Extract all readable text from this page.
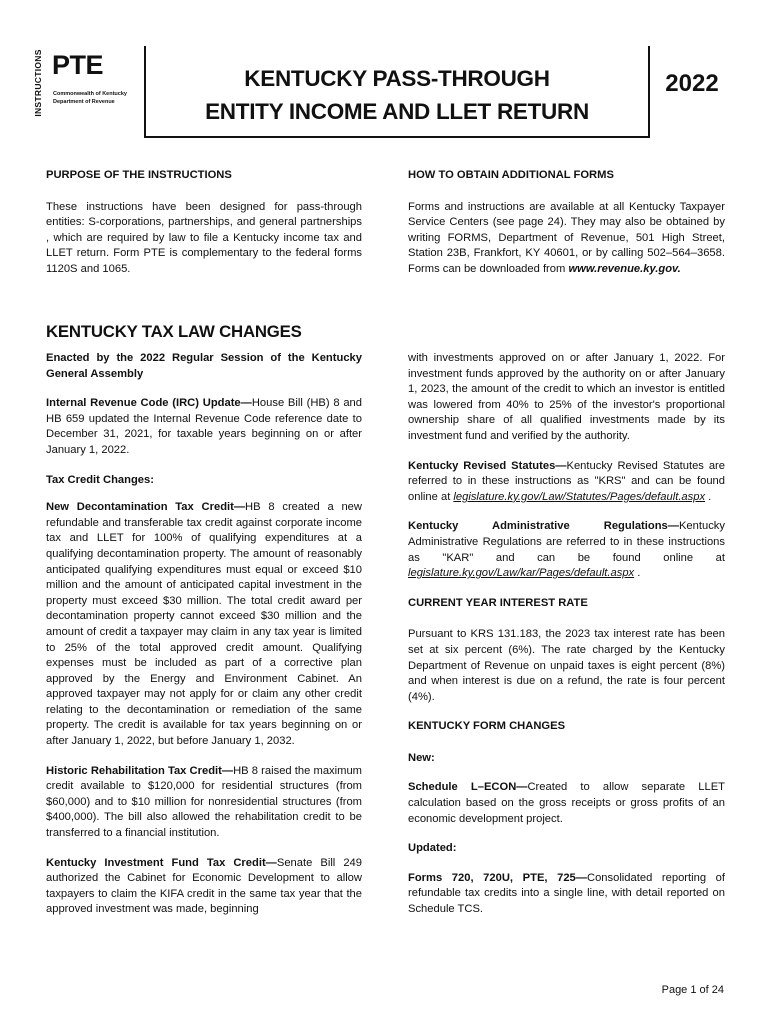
INSTRUCTIONS PTE
Commonwealth of Kentucky
Department of Revenue
KENTUCKY PASS-THROUGH
ENTITY INCOME AND LLET RETURN
2022

PURPOSE OF THE INSTRUCTIONS

These instructions have been designed for pass-through entities: S-corporations, partnerships, and general partnerships , which are required by law to file a Kentucky income tax and LLET return. Form PTE is complementary to the federal forms 1120S and 1065.

HOW TO OBTAIN ADDITIONAL FORMS

Forms and instructions are available at all Kentucky Taxpayer Service Centers (see page 24). They may also be obtained by writing FORMS, Department of Revenue, 501 High Street, Station 23B, Frankfort, KY 40601, or by calling 502–564–3658. Forms can be downloaded from www.revenue.ky.gov.

KENTUCKY TAX LAW CHANGES

Enacted by the 2022 Regular Session of the Kentucky General Assembly

Internal Revenue Code (IRC) Update—House Bill (HB) 8 and HB 659 updated the Internal Revenue Code reference date to December 31, 2021, for taxable years beginning on or after January 1, 2022.

Tax Credit Changes:

New Decontamination Tax Credit—HB 8 created a new refundable and transferable tax credit against corporate income tax and LLET for 100% of qualifying expenditures at a qualifying decontamination property. The amount of reasonably anticipated qualifying expenditures must equal or exceed $10 million and the amount of anticipated capital investment in the property must exceed $30 million. The total credit award per decontamination property cannot exceed $30 million and the amount of credit a taxpayer may claim in any tax year is limited to 25% of the total approved credit amount. Qualifying expenses must be included as part of a corrective plan approved by the Energy and Environment Cabinet. An approved taxpayer may not apply for or claim any other credit relating to the decontamination or remediation of the same property. The credit is available for tax years beginning on or after January 1, 2022, but before January 1, 2032.

Historic Rehabilitation Tax Credit—HB 8 raised the maximum credit available to $120,000 for residential structures (from $60,000) and to $10 million for nonresidential structures (from $400,000). The bill also allowed the rehabilitation credit to be transferred to a financial institution.

Kentucky Investment Fund Tax Credit—Senate Bill 249 authorized the Cabinet for Economic Development to allow taxpayers to claim the KIFA credit in the same tax year that the approved investment was made, beginning

with investments approved on or after January 1, 2022. For investment funds approved by the authority on or after January 1, 2023, the amount of the credit to which an investor is entitled was lowered from 40% to 25% of the investor's proportional ownership share of all qualified investments made by its investment fund and verified by the authority.

Kentucky Revised Statutes—Kentucky Revised Statutes are referred to in these instructions as "KRS" and can be found online at legislature.ky.gov/Law/Statutes/Pages/default.aspx .

Kentucky Administrative Regulations—Kentucky Administrative Regulations are referred to in these instructions as "KAR" and can be found online at legislature.ky.gov/Law/kar/Pages/default.aspx .

CURRENT YEAR INTEREST RATE

Pursuant to KRS 131.183, the 2023 tax interest rate has been set at six percent (6%). The rate charged by the Kentucky Department of Revenue on unpaid taxes is eight percent (8%) and when interest is due on a refund, the rate is four percent (4%).

KENTUCKY FORM CHANGES

New:

Schedule L–ECON—Created to allow separate LLET calculation based on the gross receipts or gross profits of an economic development project.

Updated:

Forms 720, 720U, PTE, 725—Consolidated reporting of refundable tax credits into a single line, with detail reported on Schedule TCS.

Page 1 of 24
